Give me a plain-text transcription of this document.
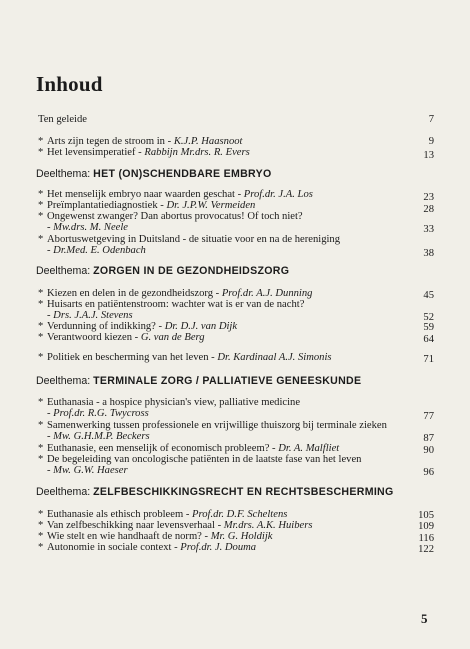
Inhoud
Ten geleide	7
* Arts zijn tegen de stroom in - K.J.P. Haasnoot	9
* Het levensimperatief - Rabbijn Mr.drs. R. Evers	13
Deelthema: HET (ON)SCHENDBARE EMBRYO
* Het menselijk embryo naar waarden geschat - Prof.dr. J.A. Los	23
* Preïmplantatiediagnostiek - Dr. J.P.W. Vermeiden	28
* Ongewenst zwanger? Dan abortus provocatus! Of toch niet?
- Mw.drs. M. Neele	33
* Abortuswetgeving in Duitsland - de situatie voor en na de hereniging
- Dr.Med. E. Odenbach	38
Deelthema: ZORGEN IN DE GEZONDHEIDSZORG
* Kiezen en delen in de gezondheidszorg - Prof.dr. A.J. Dunning	45
* Huisarts en patiëntenstroom: wachter wat is er van de nacht?
- Drs. J.A.J. Stevens	52
* Verdunning of indikking? - Dr. D.J. van Dijk	59
* Verantwoord kiezen - G. van de Berg	64
* Politiek en bescherming van het leven - Dr. Kardinaal A.J. Simonis	71
Deelthema: TERMINALE ZORG / PALLIATIEVE GENEESKUNDE
* Euthanasia - a hospice physician's view, palliative medicine
- Prof.dr. R.G. Twycross	77
* Samenwerking tussen professionele en vrijwillige thuiszorg bij terminale zieken
- Mw. G.H.M.P. Beckers	87
* Euthanasie, een menselijk of economisch probleem? - Dr. A. Malfliet	90
* De begeleiding van oncologische patiënten in de laatste fase van het leven
- Mw. G.W. Haeser	96
Deelthema: ZELFBESCHIKKINGSRECHT EN RECHTSBESCHERMING
* Euthanasie als ethisch probleem - Prof.dr. D.F. Scheltens	105
* Van zelfbeschikking naar levensverhaal - Mr.drs. A.K. Huibers	109
* Wie stelt en wie handhaaft de norm? - Mr. G. Holdijk	116
* Autonomie in sociale context - Prof.dr. J. Douma	122
5
